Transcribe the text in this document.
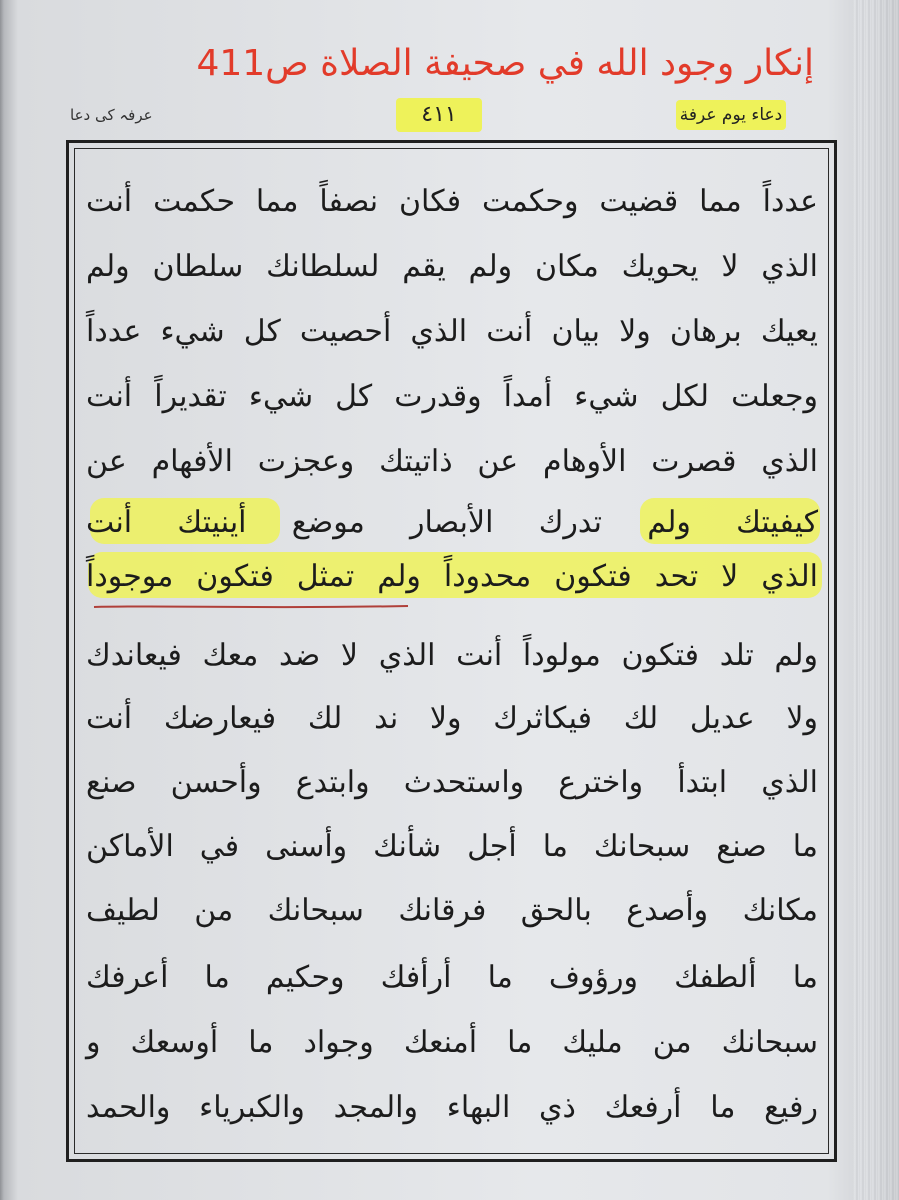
إنكار وجود الله في صحيفة الصلاة ص411
عرفہ کی دعا	٤١١	دعاء يوم عرفة
عدداً مما قضيت وحكمت فكان نصفاً مما حكمت أنت
الذي لا يحويك مكان ولم يقم لسلطانك سلطان ولم
يعيك برهان ولا بيان أنت الذي أحصيت كل شيء عدداً
وجعلت لكل شيء أمداً وقدرت كل شيء تقديراً أنت
الذي قصرت الأوهام عن ذاتيتك وعجزت الأفهام عن
كيفيتك ولم تدرك الأبصار موضع أينيتك أنت
الذي لا تحد فتكون محدوداً ولم تمثل فتكون موجوداً
ولم تلد فتكون مولوداً أنت الذي لا ضد معك فيعاندك
ولا عديل لك فيكاثرك ولا ند لك فيعارضك أنت
الذي ابتدأ واخترع واستحدث وابتدع وأحسن صنع
ما صنع سبحانك ما أجل شأنك وأسنى في الأماكن
مكانك وأصدع بالحق فرقانك سبحانك من لطيف
ما ألطفك ورؤوف ما أرأفك وحكيم ما أعرفك
سبحانك من مليك ما أمنعك وجواد ما أوسعك و
رفيع ما أرفعك ذي البهاء والمجد والكبرياء والحمد
